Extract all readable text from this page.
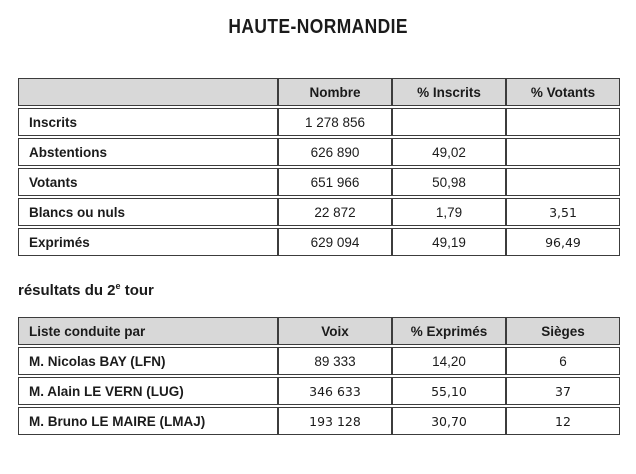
HAUTE-NORMANDIE
	Nombre	% Inscrits	% Votants
Inscrits	1 278 856		
Abstentions	626 890	49,02	
Votants	651 966	50,98	
Blancs ou nuls	22 872	1,79	3,51
Exprimés	629 094	49,19	96,49
résultats du 2e tour
Liste conduite par	Voix	% Exprimés	Sièges
M. Nicolas BAY (LFN)	89 333	14,20	6
M. Alain LE VERN (LUG)	346 633	55,10	37
M. Bruno LE MAIRE (LMAJ)	193 128	30,70	12
